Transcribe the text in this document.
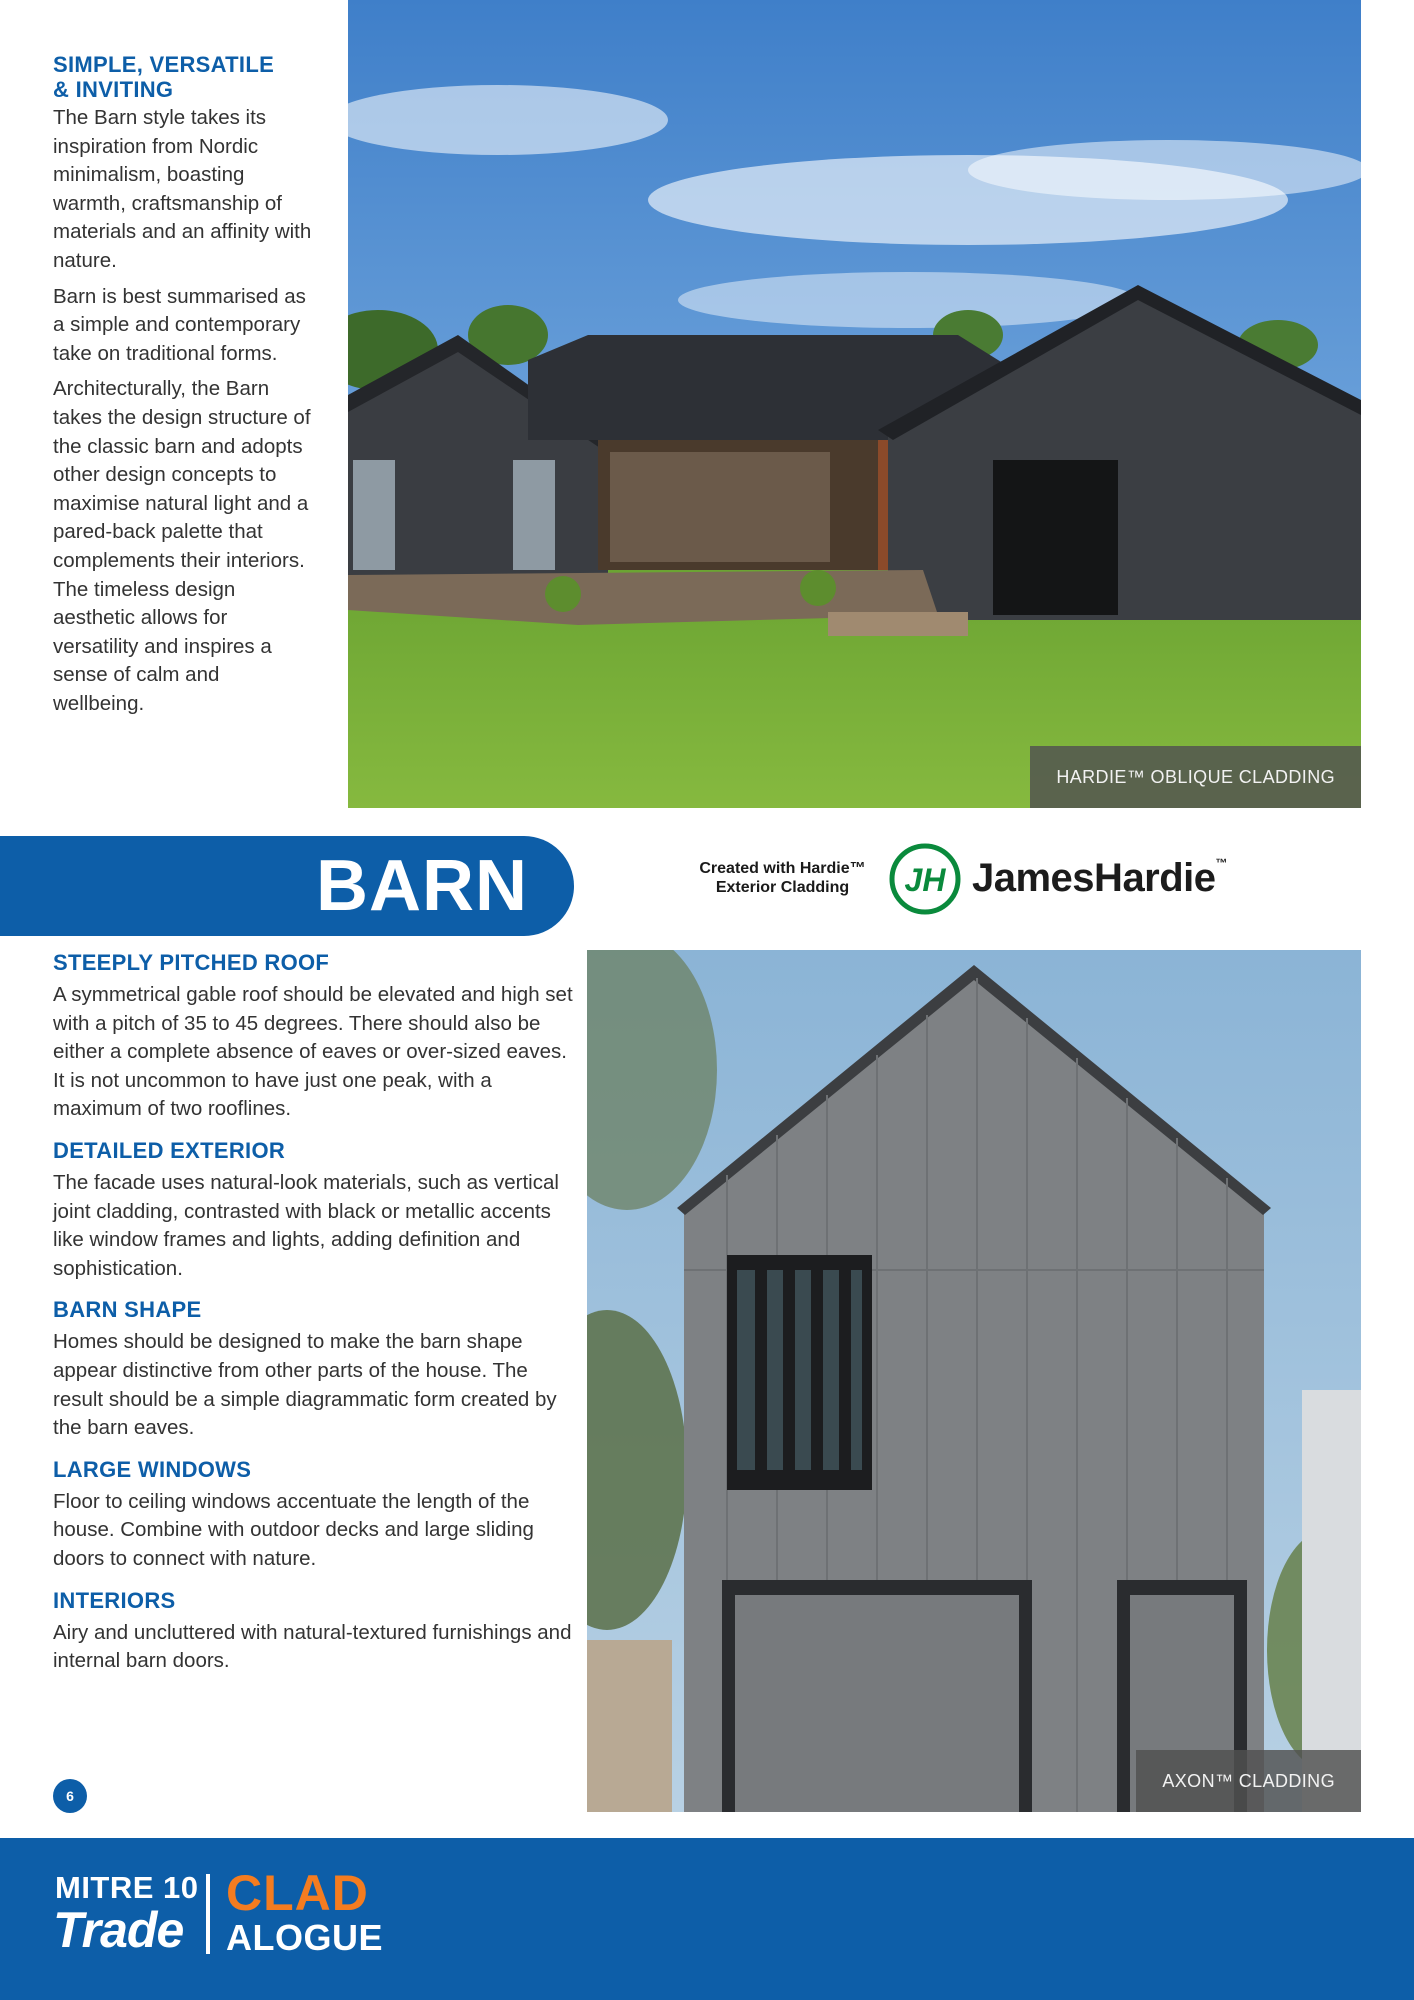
SIMPLE, VERSATILE
& INVITING

The Barn style takes its inspiration from Nordic minimalism, boasting warmth, craftsmanship of materials and an affinity with nature.

Barn is best summarised as a simple and contemporary take on traditional forms.

Architecturally, the Barn takes the design structure of the classic barn and adopts other design concepts to maximise natural light and a pared-back palette that complements their interiors. The timeless design aesthetic allows for versatility and inspires a sense of calm and wellbeing.

HARDIE™ OBLIQUE CLADDING
BARN	Created with Hardie™
Exterior Cladding	JH JamesHardie™
STEEPLY PITCHED ROOF

A symmetrical gable roof should be elevated and high set with a pitch of 35 to 45 degrees. There should also be either a complete absence of eaves or over-sized eaves. It is not uncommon to have just one peak, with a maximum of two rooflines.

DETAILED EXTERIOR

The facade uses natural-look materials, such as vertical joint cladding, contrasted with black or metallic accents like window frames and lights, adding definition and sophistication.

BARN SHAPE

Homes should be designed to make the barn shape appear distinctive from other parts of the house. The result should be a simple diagrammatic form created by the barn eaves.

LARGE WINDOWS

Floor to ceiling windows accentuate the length of the house. Combine with outdoor decks and large sliding doors to connect with nature.

INTERIORS

Airy and uncluttered with natural-textured furnishings and internal barn doors.

AXON™ CLADDING
6
MITRE 10
Trade
CLAD
ALOGUE
